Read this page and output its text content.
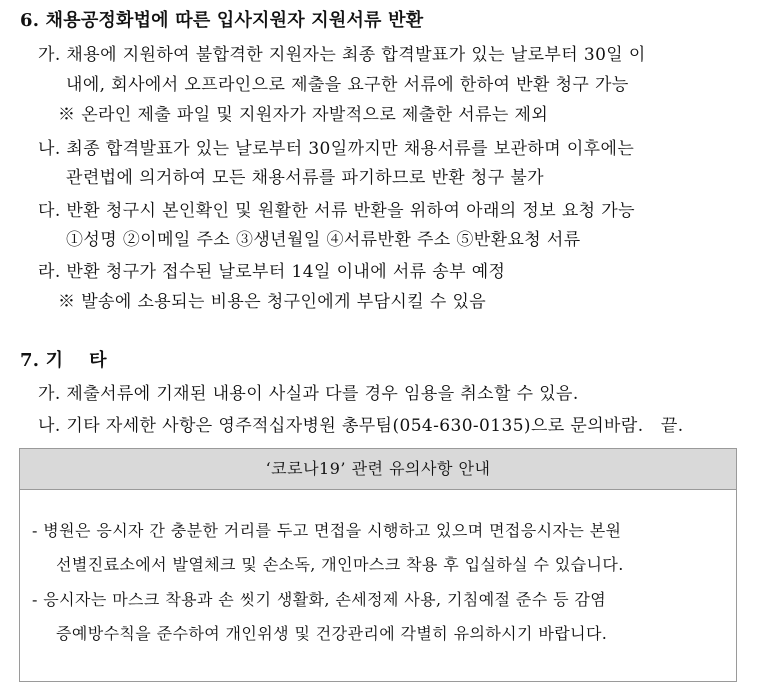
6. 채용공정화법에 따른 입사지원자 지원서류 반환
가. 채용에 지원하여 불합격한 지원자는 최종 합격발표가 있는 날로부터 30일 이
내에, 회사에서 오프라인으로 제출을 요구한 서류에 한하여 반환 청구 가능
※ 온라인 제출 파일 및 지원자가 자발적으로 제출한 서류는 제외
나. 최종 합격발표가 있는 날로부터 30일까지만 채용서류를 보관하며 이후에는
관련법에 의거하여 모든 채용서류를 파기하므로 반환 청구 불가
다. 반환 청구시 본인확인 및 원활한 서류 반환을 위하여 아래의 정보 요청 가능
①성명 ②이메일 주소 ③생년월일 ④서류반환 주소 ⑤반환요청 서류
라. 반환 청구가 접수된 날로부터 14일 이내에 서류 송부 예정
※ 발송에 소용되는 비용은 청구인에게 부담시킬 수 있음
7. 기    타
가. 제출서류에 기재된 내용이 사실과 다를 경우 임용을 취소할 수 있음.
나. 기타 자세한 사항은 영주적십자병원 총무팀(054-630-0135)으로 문의바람.   끝.
‘코로나19’ 관련 유의사항 안내
- 병원은 응시자 간 충분한 거리를 두고 면접을 시행하고 있으며 면접응시자는 본원
선별진료소에서 발열체크 및 손소독, 개인마스크 착용 후 입실하실 수 있습니다.
- 응시자는 마스크 착용과 손 씻기 생활화, 손세정제 사용, 기침예절 준수 등 감염
증예방수칙을 준수하여 개인위생 및 건강관리에 각별히 유의하시기 바랍니다.
